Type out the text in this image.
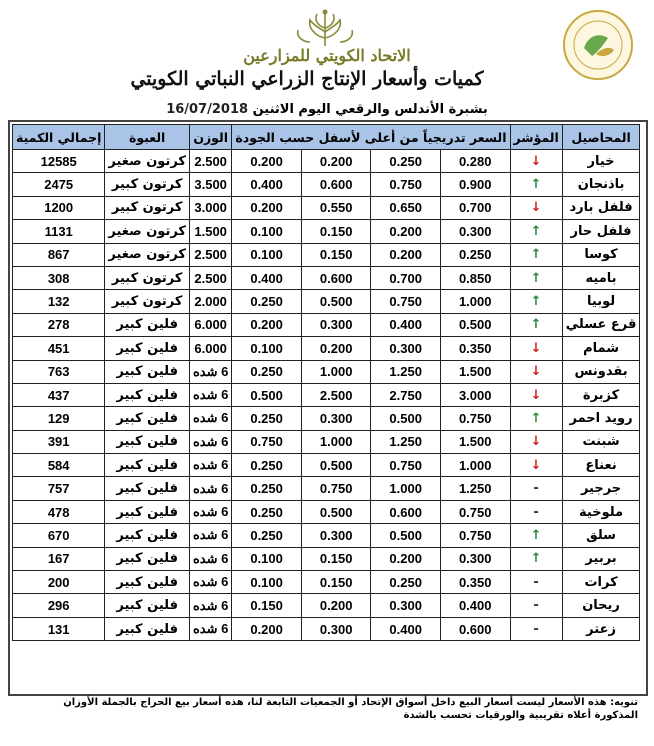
الاتحاد الكويتي للمزارعين
كميات وأسعار الإنتاج الزراعي النباتي الكويتي
بشبرة الأندلس والرقعي اليوم الاثنين 16/07/2018
المحاصيل	المؤشر	السعر تدريجياً من أعلى لأسفل حسب الجودة				الوزن	العبوة	إجمالي الكمية
خيار	↓	0.280	0.250	0.200	0.200	2.500	كرتون صغير	12585
باذنجان	↑	0.900	0.750	0.600	0.400	3.500	كرتون كبير	2475
فلفل بارد	↓	0.700	0.650	0.550	0.200	3.000	كرتون كبير	1200
فلفل حار	↑	0.300	0.200	0.150	0.100	1.500	كرتون صغير	1131
كوسا	↑	0.250	0.200	0.150	0.100	2.500	كرتون صغير	867
باميه	↑	0.850	0.700	0.600	0.400	2.500	كرتون كبير	308
لوبيا	↑	1.000	0.750	0.500	0.250	2.000	كرتون كبير	132
قرع عسلي	↑	0.500	0.400	0.300	0.200	6.000	فلين كبير	278
شمام	↓	0.350	0.300	0.200	0.100	6.000	فلين كبير	451
بقدونس	↓	1.500	1.250	1.000	0.250	6 شده	فلين كبير	763
كزبرة	↓	3.000	2.750	2.500	0.500	6 شده	فلين كبير	437
رويد احمر	↑	0.750	0.500	0.300	0.250	6 شده	فلين كبير	129
شبنت	↓	1.500	1.250	1.000	0.750	6 شده	فلين كبير	391
نعناع	↓	1.000	0.750	0.500	0.250	6 شده	فلين كبير	584
جرجير	-	1.250	1.000	0.750	0.250	6 شده	فلين كبير	757
ملوخية	-	0.750	0.600	0.500	0.250	6 شده	فلين كبير	478
سلق	↑	0.750	0.500	0.300	0.250	6 شده	فلين كبير	670
بربير	↑	0.300	0.200	0.150	0.100	6 شده	فلين كبير	167
كرات	-	0.350	0.250	0.150	0.100	6 شده	فلين كبير	200
ريحان	-	0.400	0.300	0.200	0.150	6 شده	فلين كبير	296
زعتر	-	0.600	0.400	0.300	0.200	6 شده	فلين كبير	131
تنويه: هذه الأسعار ليست أسعار البيع داخل أسواق الإتحاد أو الجمعيات التابعة لنا، هذه أسعار بيع الحراج بالجملة الأوزان المذكورة أعلاه تقريبية والورقيات تحسب بالشدة
